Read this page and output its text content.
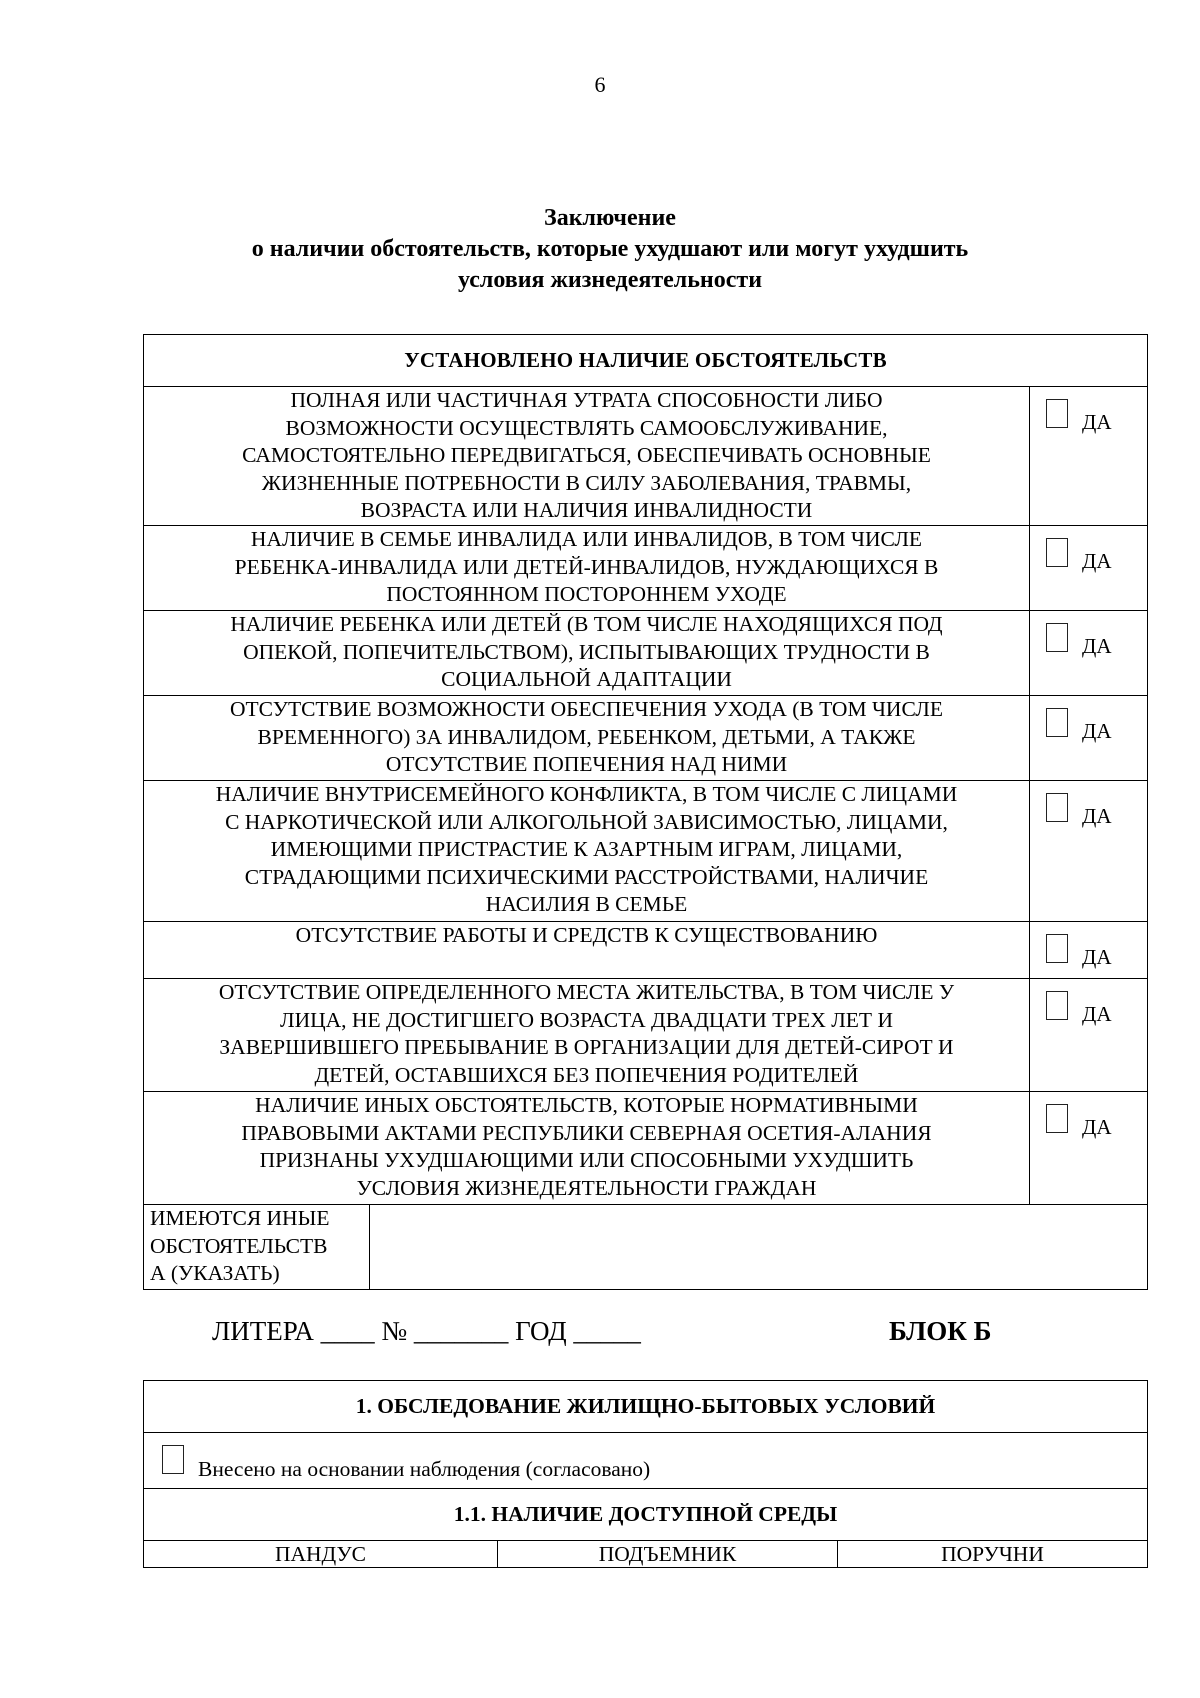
6
Заключение
о наличии обстоятельств, которые ухудшают или могут ухудшить
условия жизнедеятельности
УСТАНОВЛЕНО НАЛИЧИЕ ОБСТОЯТЕЛЬСТВ		

ПОЛНАЯ ИЛИ ЧАСТИЧНАЯ УТРАТА СПОСОБНОСТИ ЛИБО
ВОЗМОЖНОСТИ ОСУЩЕСТВЛЯТЬ САМООБСЛУЖИВАНИЕ,
САМОСТОЯТЕЛЬНО ПЕРЕДВИГАТЬСЯ, ОБЕСПЕЧИВАТЬ ОСНОВНЫЕ
ЖИЗНЕННЫЕ ПОТРЕБНОСТИ В СИЛУ ЗАБОЛЕВАНИЯ, ТРАВМЫ,
ВОЗРАСТА ИЛИ НАЛИЧИЯ ИНВАЛИДНОСТИ		ДА

НАЛИЧИЕ В СЕМЬЕ ИНВАЛИДА ИЛИ ИНВАЛИДОВ, В ТОМ ЧИСЛЕ
РЕБЕНКА-ИНВАЛИДА ИЛИ ДЕТЕЙ-ИНВАЛИДОВ, НУЖДАЮЩИХСЯ В
ПОСТОЯННОМ ПОСТОРОННЕМ УХОДЕ		ДА

НАЛИЧИЕ РЕБЕНКА ИЛИ ДЕТЕЙ (В ТОМ ЧИСЛЕ НАХОДЯЩИХСЯ ПОД
ОПЕКОЙ, ПОПЕЧИТЕЛЬСТВОМ), ИСПЫТЫВАЮЩИХ ТРУДНОСТИ В
СОЦИАЛЬНОЙ АДАПТАЦИИ		ДА

ОТСУТСТВИЕ ВОЗМОЖНОСТИ ОБЕСПЕЧЕНИЯ УХОДА (В ТОМ ЧИСЛЕ
ВРЕМЕННОГО) ЗА ИНВАЛИДОМ, РЕБЕНКОМ, ДЕТЬМИ, А ТАКЖЕ
ОТСУТСТВИЕ ПОПЕЧЕНИЯ НАД НИМИ		ДА

НАЛИЧИЕ ВНУТРИСЕМЕЙНОГО КОНФЛИКТА, В ТОМ ЧИСЛЕ С ЛИЦАМИ
С НАРКОТИЧЕСКОЙ ИЛИ АЛКОГОЛЬНОЙ ЗАВИСИМОСТЬЮ, ЛИЦАМИ,
ИМЕЮЩИМИ ПРИСТРАСТИЕ К АЗАРТНЫМ ИГРАМ, ЛИЦАМИ,
СТРАДАЮЩИМИ ПСИХИЧЕСКИМИ РАССТРОЙСТВАМИ, НАЛИЧИЕ
НАСИЛИЯ В СЕМЬЕ		ДА

ОТСУТСТВИЕ РАБОТЫ И СРЕДСТВ К СУЩЕСТВОВАНИЮ		ДА

ОТСУТСТВИЕ ОПРЕДЕЛЕННОГО МЕСТА ЖИТЕЛЬСТВА, В ТОМ ЧИСЛЕ У
ЛИЦА, НЕ ДОСТИГШЕГО ВОЗРАСТА ДВАДЦАТИ ТРЕХ ЛЕТ И
ЗАВЕРШИВШЕГО ПРЕБЫВАНИЕ В ОРГАНИЗАЦИИ ДЛЯ ДЕТЕЙ-СИРОТ И
ДЕТЕЙ, ОСТАВШИХСЯ БЕЗ ПОПЕЧЕНИЯ РОДИТЕЛЕЙ		ДА

НАЛИЧИЕ ИНЫХ ОБСТОЯТЕЛЬСТВ, КОТОРЫЕ НОРМАТИВНЫМИ
ПРАВОВЫМИ АКТАМИ РЕСПУБЛИКИ СЕВЕРНАЯ ОСЕТИЯ-АЛАНИЯ
ПРИЗНАНЫ УХУДШАЮЩИМИ ИЛИ СПОСОБНЫМИ УХУДШИТЬ
УСЛОВИЯ ЖИЗНЕДЕЯТЕЛЬНОСТИ ГРАЖДАН		ДА

ИМЕЮТСЯ ИНЫЕ
ОБСТОЯТЕЛЬСТВ
А (УКАЗАТЬ)		

ЛИТЕРА ____ № _______ ГОД _____	БЛОК Б
1. ОБСЛЕДОВАНИЕ ЖИЛИЩНО-БЫТОВЫХ УСЛОВИЙ

Внесено на основании наблюдения (согласовано)

1.1. НАЛИЧИЕ ДОСТУПНОЙ СРЕДЫ
ПАНДУС	ПОДЪЕМНИК	ПОРУЧНИ
